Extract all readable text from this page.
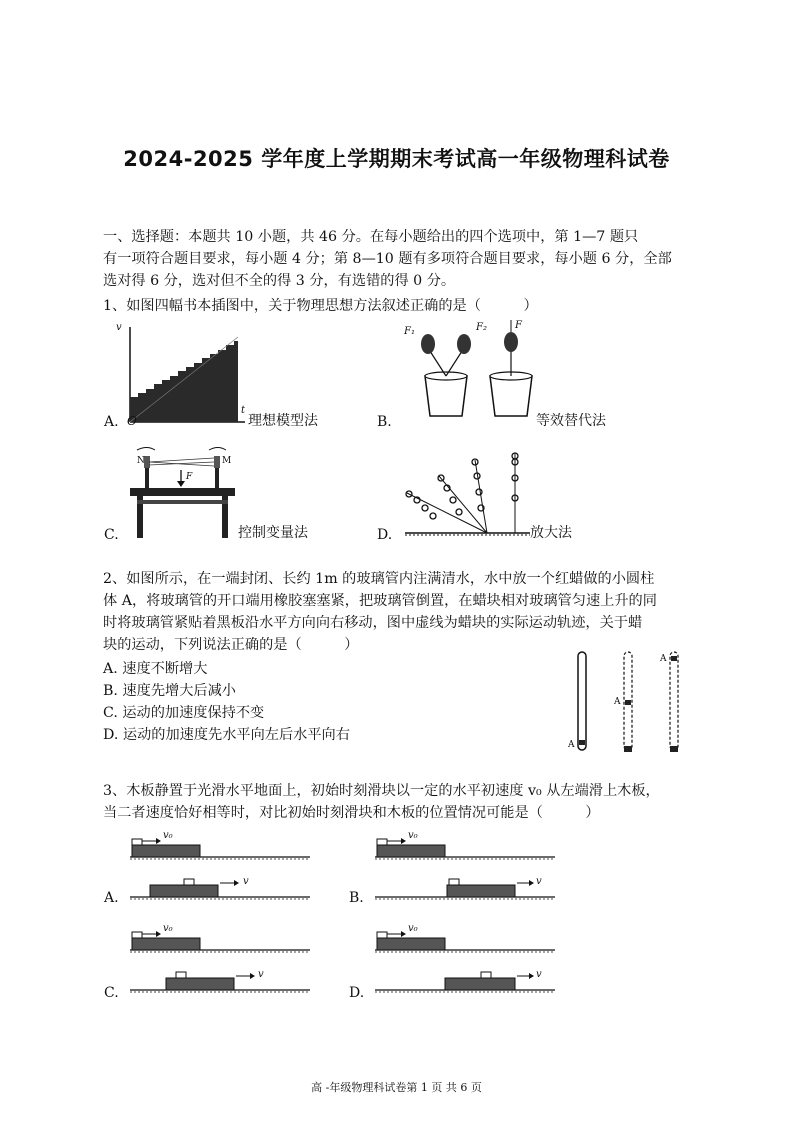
2024-2025 学年度上学期期末考试高一年级物理科试卷
一、选择题：本题共 10 小题，共 46 分。在每小题给出的四个选项中，第 1—7 题只
有一项符合题目要求，每小题 4 分；第 8—10 题有多项符合题目要求，每小题 6 分，全部
选对得 6 分，选对但不全的得 3 分，有选错的得 0 分。
1、如图四幅书本插图中，关于物理思想方法叙述正确的是（　　　）
v
t
O
A.	理想模型法
F₁	F₂	F
B.	等效替代法
N	M
F
C.	控制变量法	D.	放大法
2、如图所示，在一端封闭、长约 1m 的玻璃管内注满清水，水中放一个红蜡做的小圆柱
体 A，将玻璃管的开口端用橡胶塞塞紧，把玻璃管倒置，在蜡块相对玻璃管匀速上升的同
时将玻璃管紧贴着黑板沿水平方向向右移动，图中虚线为蜡块的实际运动轨迹，关于蜡
块的运动，下列说法正确的是（　　　）
A. 速度不断增大
B. 速度先增大后减小
C. 运动的加速度保持不变
D. 运动的加速度先水平向左后水平向右
A
A
A
3、木板静置于光滑水平地面上，初始时刻滑块以一定的水平初速度 v₀ 从左端滑上木板，
当二者速度恰好相等时，对比初始时刻滑块和木板的位置情况可能是（　　　）
v₀
v
A.
v₀
v
B.
v₀
v
C.
v₀
v
D.
高 -年级物理科试卷第 1 页 共 6 页
